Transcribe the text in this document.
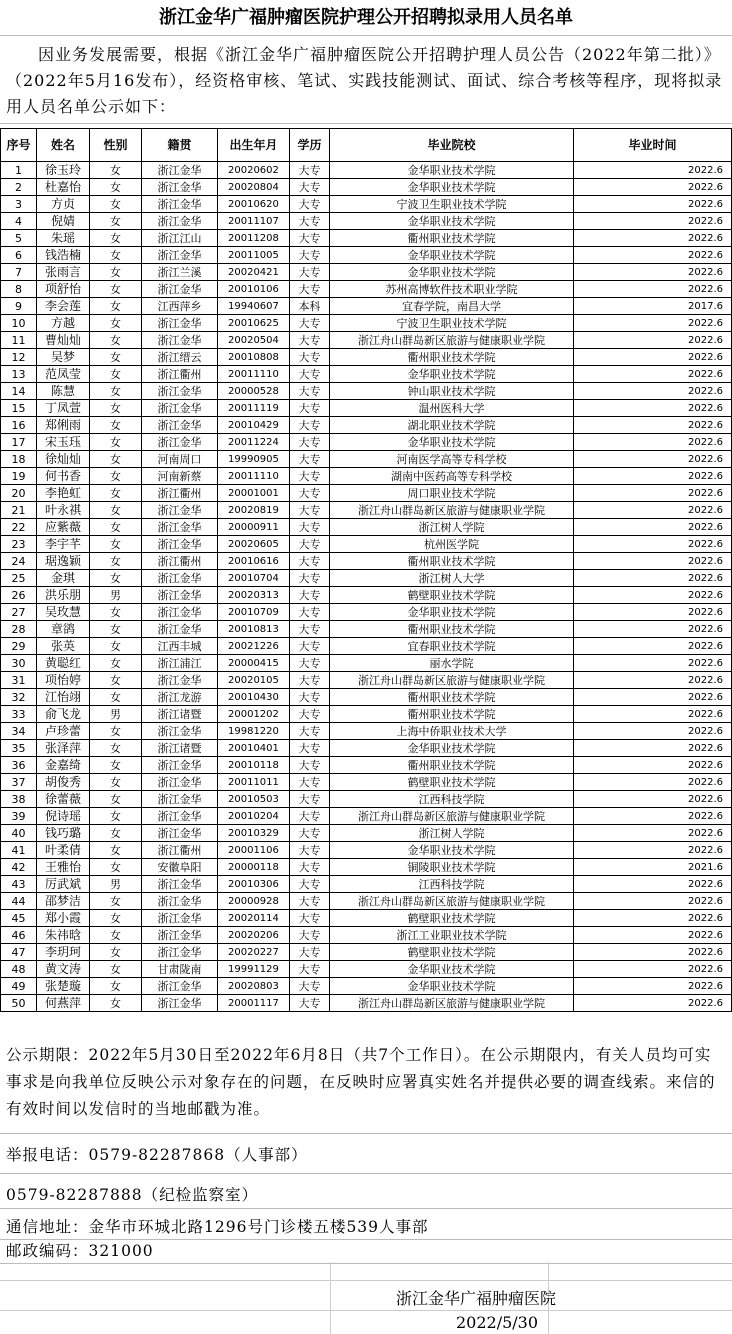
浙江金华广福肿瘤医院护理公开招聘拟录用人员名单
因业务发展需要，根据《浙江金华广福肿瘤医院公开招聘护理人员公告（2022年第二批）》（2022年5月16发布），经资格审核、笔试、实践技能测试、面试、综合考核等程序，现将拟录用人员名单公示如下：
序号	姓名	性别	籍贯	出生年月	学历	毕业院校	毕业时间
1	徐玉玲	女	浙江金华	20020602	大专	金华职业技术学院	2022.6
2	杜嘉怡	女	浙江金华	20020804	大专	金华职业技术学院	2022.6
3	方贞	女	浙江金华	20010620	大专	宁波卫生职业技术学院	2022.6
4	倪婧	女	浙江金华	20011107	大专	金华职业技术学院	2022.6
5	朱瑶	女	浙江江山	20011208	大专	衢州职业技术学院	2022.6
6	钱浩楠	女	浙江金华	20011005	大专	金华职业技术学院	2022.6
7	张雨言	女	浙江兰溪	20020421	大专	金华职业技术学院	2022.6
8	项舒怡	女	浙江金华	20010106	大专	苏州高博软件技术职业学院	2022.6
9	李会莲	女	江西萍乡	19940607	本科	宜春学院，南昌大学	2017.6
10	方越	女	浙江金华	20010625	大专	宁波卫生职业技术学院	2022.6
11	曹灿灿	女	浙江金华	20020504	大专	浙江舟山群岛新区旅游与健康职业学院	2022.6
12	吴梦	女	浙江缙云	20010808	大专	衢州职业技术学院	2022.6
13	范凤莹	女	浙江衢州	20011110	大专	金华职业技术学院	2022.6
14	陈慧	女	浙江金华	20000528	大专	钟山职业技术学院	2022.6
15	丁凤萱	女	浙江金华	20011119	大专	温州医科大学	2022.6
16	郑俐雨	女	浙江金华	20010429	大专	湖北职业技术学院	2022.6
17	宋玉珏	女	浙江金华	20011224	大专	金华职业技术学院	2022.6
18	徐灿灿	女	河南周口	19990905	大专	河南医学高等专科学校	2022.6
19	何书香	女	河南新蔡	20011110	大专	湖南中医药高等专科学校	2022.6
20	李艳虹	女	浙江衢州	20001001	大专	周口职业技术学院	2022.6
21	叶永祺	女	浙江金华	20020819	大专	浙江舟山群岛新区旅游与健康职业学院	2022.6
22	应紫薇	女	浙江金华	20000911	大专	浙江树人学院	2022.6
23	李宇芊	女	浙江金华	20020605	大专	杭州医学院	2022.6
24	琚逸颖	女	浙江衢州	20010616	大专	衢州职业技术学院	2022.6
25	金琪	女	浙江金华	20010704	大专	浙江树人大学	2022.6
26	洪乐朋	男	浙江金华	20020313	大专	鹤壁职业技术学院	2022.6
27	吴玫慧	女	浙江金华	20010709	大专	金华职业技术学院	2022.6
28	章鹆	女	浙江金华	20010813	大专	衢州职业技术学院	2022.6
29	张英	女	江西丰城	20021226	大专	宜春职业技术学院	2022.6
30	黄聪红	女	浙江浦江	20000415	大专	丽水学院	2022.6
31	项怡婷	女	浙江金华	20020105	大专	浙江舟山群岛新区旅游与健康职业学院	2022.6
32	江怡翊	女	浙江龙游	20010430	大专	衢州职业技术学院	2022.6
33	俞飞龙	男	浙江诸暨	20001202	大专	衢州职业技术学院	2022.6
34	卢珍蕾	女	浙江金华	19981220	大专	上海中侨职业技术大学	2022.6
35	张泽萍	女	浙江诸暨	20010401	大专	金华职业技术学院	2022.6
36	金嘉绮	女	浙江金华	20010118	大专	衢州职业技术学院	2022.6
37	胡俊秀	女	浙江金华	20011011	大专	鹤壁职业技术学院	2022.6
38	徐蕾薇	女	浙江金华	20010503	大专	江西科技学院	2022.6
39	倪诗瑶	女	浙江金华	20010204	大专	浙江舟山群岛新区旅游与健康职业学院	2022.6
40	钱巧璐	女	浙江金华	20010329	大专	浙江树人学院	2022.6
41	叶柔倩	女	浙江衢州	20001106	大专	金华职业技术学院	2022.6
42	王雅怡	女	安徽阜阳	20000118	大专	铜陵职业技术学院	2021.6
43	厉武斌	男	浙江金华	20010306	大专	江西科技学院	2022.6
44	邵梦洁	女	浙江金华	20000928	大专	浙江舟山群岛新区旅游与健康职业学院	2022.6
45	郑小霞	女	浙江金华	20020114	大专	鹤壁职业技术学院	2022.6
46	朱祎晗	女	浙江金华	20020206	大专	浙江工业职业技术学院	2022.6
47	李玥珂	女	浙江金华	20020227	大专	鹤壁职业技术学院	2022.6
48	黄文涛	女	甘肃陇南	19991129	大专	金华职业技术学院	2022.6
49	张楚璇	女	浙江金华	20020803	大专	金华职业技术学院	2022.6
50	何燕萍	女	浙江金华	20001117	大专	浙江舟山群岛新区旅游与健康职业学院	2022.6
公示期限：2022年5月30日至2022年6月8日（共7个工作日）。在公示期限内，有关人员均可实事求是向我单位反映公示对象存在的问题，在反映时应署真实姓名并提供必要的调查线索。来信的有效时间以发信时的当地邮戳为准。
举报电话：0579-82287868（人事部）
0579-82287888（纪检监察室）
通信地址：金华市环城北路1296号门诊楼五楼539人事部
邮政编码：321000
浙江金华广福肿瘤医院
2022/5/30
